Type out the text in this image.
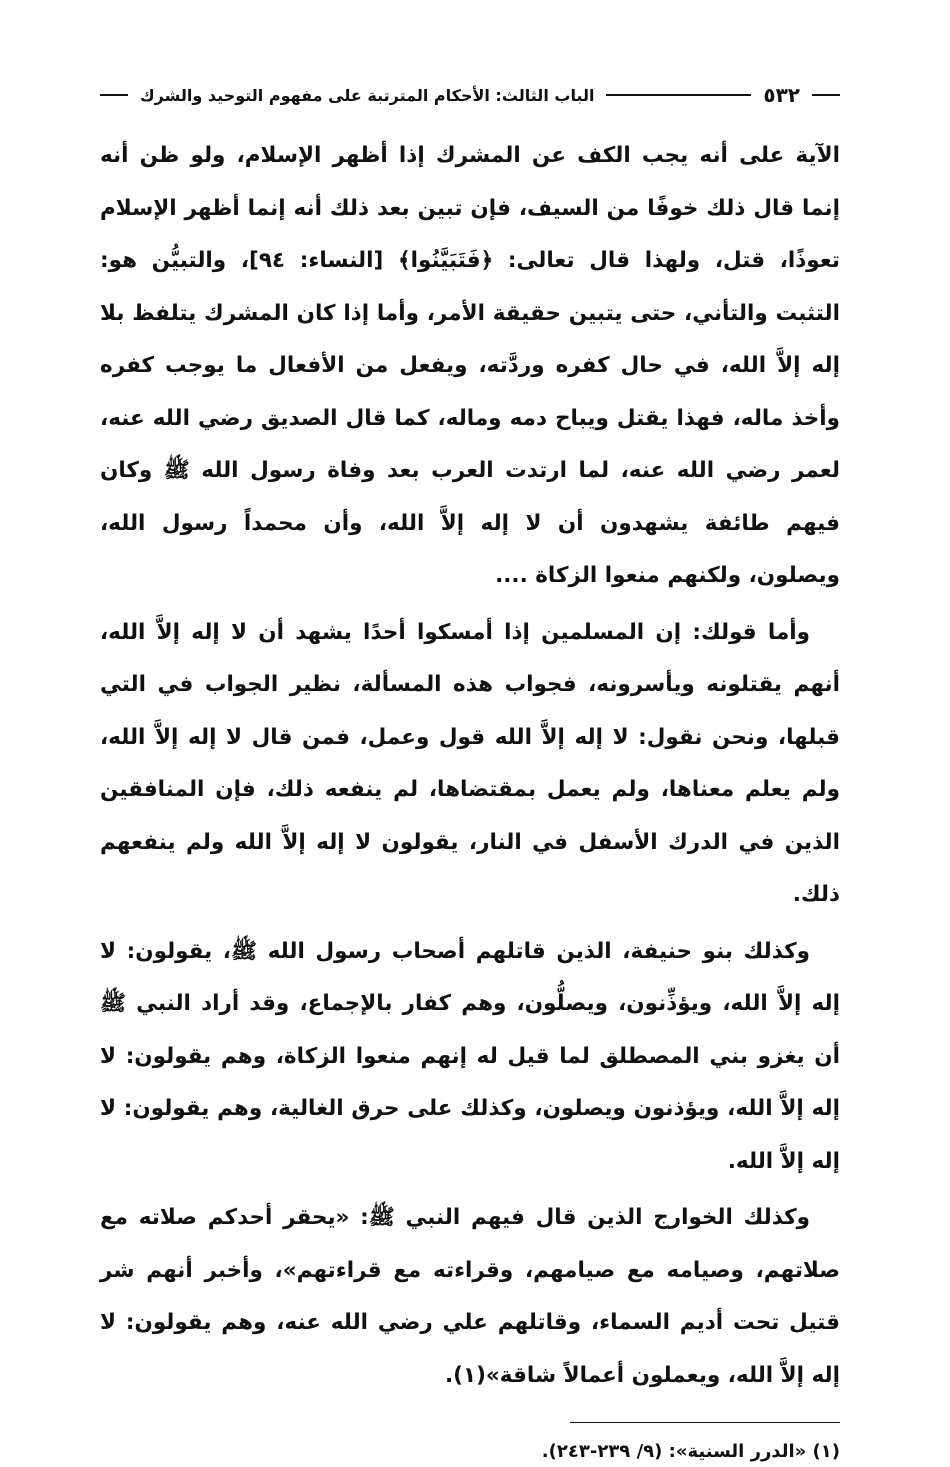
٥٣٢
الباب الثالث: الأحكام المترتبة على مفهوم التوحيد والشرك

الآية على أنه يجب الكف عن المشرك إذا أظهر الإسلام، ولو ظن أنه إنما قال ذلك خوفًا من السيف، فإن تبين بعد ذلك أنه إنما أظهر الإسلام تعوذًا، قتل، ولهذا قال تعالى: ﴿فَتَبَيَّنُوا﴾ [النساء: ٩٤]، والتبيُّن هو: التثبت والتأني، حتى يتبين حقيقة الأمر، وأما إذا كان المشرك يتلفظ بلا إله إلاَّ الله، في حال كفره وردَّته، ويفعل من الأفعال ما يوجب كفره وأخذ ماله، فهذا يقتل ويباح دمه وماله، كما قال الصديق رضي الله عنه، لعمر رضي الله عنه، لما ارتدت العرب بعد وفاة رسول الله ﷺ وكان فيهم طائفة يشهدون أن لا إله إلاَّ الله، وأن محمداً رسول الله، ويصلون، ولكنهم منعوا الزكاة ....

وأما قولك: إن المسلمين إذا أمسكوا أحدًا يشهد أن لا إله إلاَّ الله، أنهم يقتلونه ويأسرونه، فجواب هذه المسألة، نظير الجواب في التي قبلها، ونحن نقول: لا إله إلاَّ الله قول وعمل، فمن قال لا إله إلاَّ الله، ولم يعلم معناها، ولم يعمل بمقتضاها، لم ينفعه ذلك، فإن المنافقين الذين في الدرك الأسفل في النار، يقولون لا إله إلاَّ الله ولم ينفعهم ذلك.

وكذلك بنو حنيفة، الذين قاتلهم أصحاب رسول الله ﷺ، يقولون: لا إله إلاَّ الله، ويؤذِّنون، ويصلُّون، وهم كفار بالإجماع، وقد أراد النبي ﷺ أن يغزو بني المصطلق لما قيل له إنهم منعوا الزكاة، وهم يقولون: لا إله إلاَّ الله، ويؤذنون ويصلون، وكذلك على حرق الغالية، وهم يقولون: لا إله إلاَّ الله.

وكذلك الخوارج الذين قال فيهم النبي ﷺ: «يحقر أحدكم صلاته مع صلاتهم، وصيامه مع صيامهم، وقراءته مع قراءتهم»، وأخبر أنهم شر قتيل تحت أديم السماء، وقاتلهم علي رضي الله عنه، وهم يقولون: لا إله إلاَّ الله، ويعملون أعمالاً شاقة»(١).

(١) «الدرر السنية»: (٩/ ٢٣٩-٢٤٣).
